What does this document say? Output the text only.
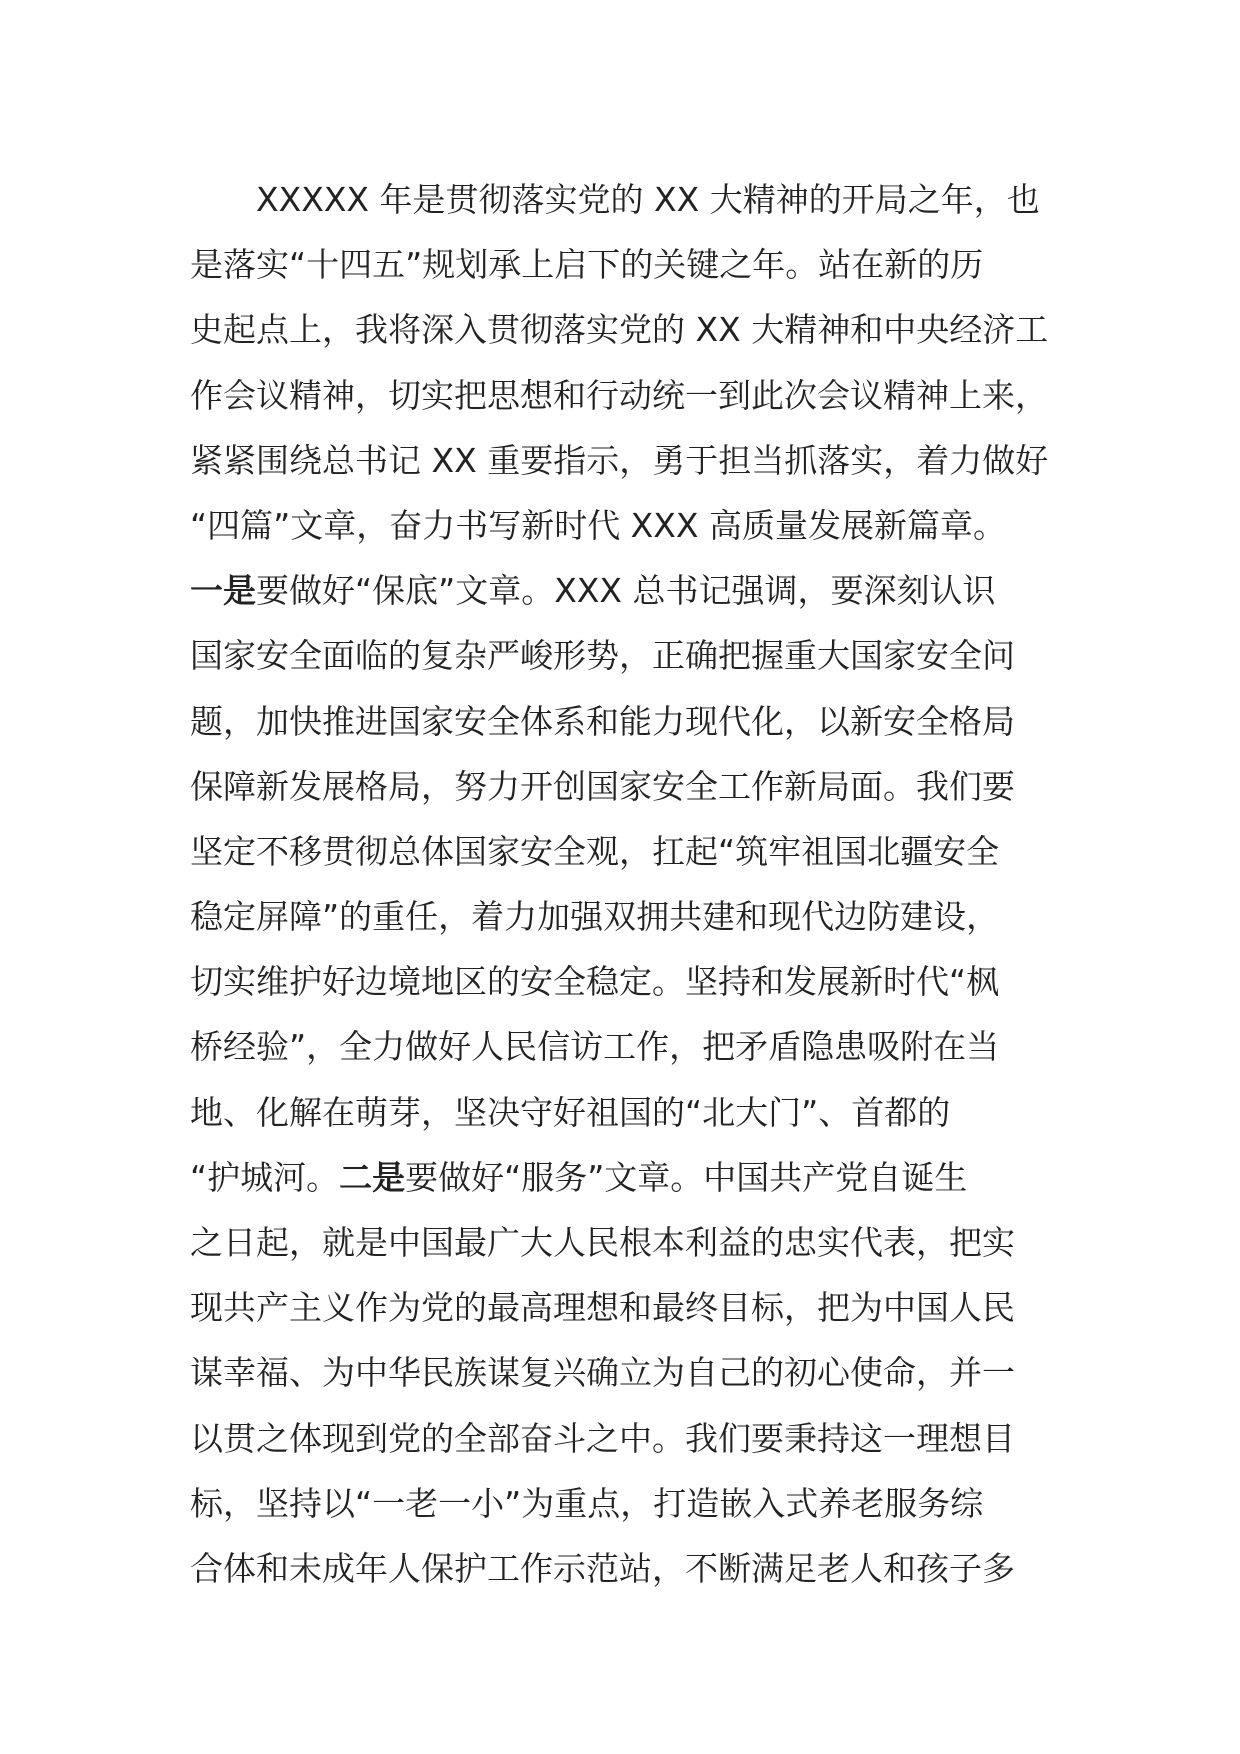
XXXXX 年是贯彻落实党的 XX 大精神的开局之年，也
是落实“十四五”规划承上启下的关键之年。站在新的历
史起点上，我将深入贯彻落实党的 XX 大精神和中央经济工
作会议精神，切实把思想和行动统一到此次会议精神上来，
紧紧围绕总书记 XX 重要指示，勇于担当抓落实，着力做好
“四篇”文章，奋力书写新时代 XXX 高质量发展新篇章。
一是要做好“保底”文章。XXX 总书记强调，要深刻认识
国家安全面临的复杂严峻形势，正确把握重大国家安全问
题，加快推进国家安全体系和能力现代化，以新安全格局
保障新发展格局，努力开创国家安全工作新局面。我们要
坚定不移贯彻总体国家安全观，扛起“筑牢祖国北疆安全
稳定屏障”的重任，着力加强双拥共建和现代边防建设，
切实维护好边境地区的安全稳定。坚持和发展新时代“枫
桥经验”，全力做好人民信访工作，把矛盾隐患吸附在当
地、化解在萌芽，坚决守好祖国的“北大门”、首都的
“护城河。二是要做好“服务”文章。中国共产党自诞生
之日起，就是中国最广大人民根本利益的忠实代表，把实
现共产主义作为党的最高理想和最终目标，把为中国人民
谋幸福、为中华民族谋复兴确立为自己的初心使命，并一
以贯之体现到党的全部奋斗之中。我们要秉持这一理想目
标，坚持以“一老一小”为重点，打造嵌入式养老服务综
合体和未成年人保护工作示范站，不断满足老人和孩子多
